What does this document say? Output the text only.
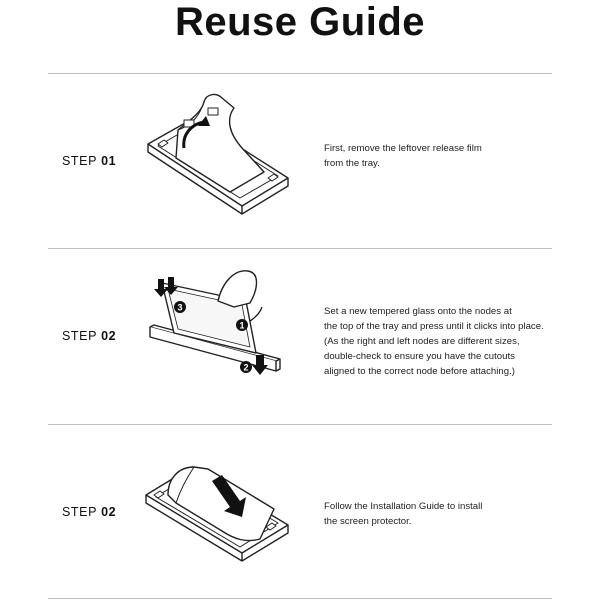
Reuse Guide
STEP 01
First, remove the leftover release film
from the tray.
STEP 02
1
2
3	Set a new tempered glass onto the nodes at
the top of the tray and press until it clicks into place.
(As the right and left nodes are different sizes,
double-check to ensure you have the cutouts
aligned to the correct node before attaching.)
STEP 02	Follow the Installation Guide to install
the screen protector.
